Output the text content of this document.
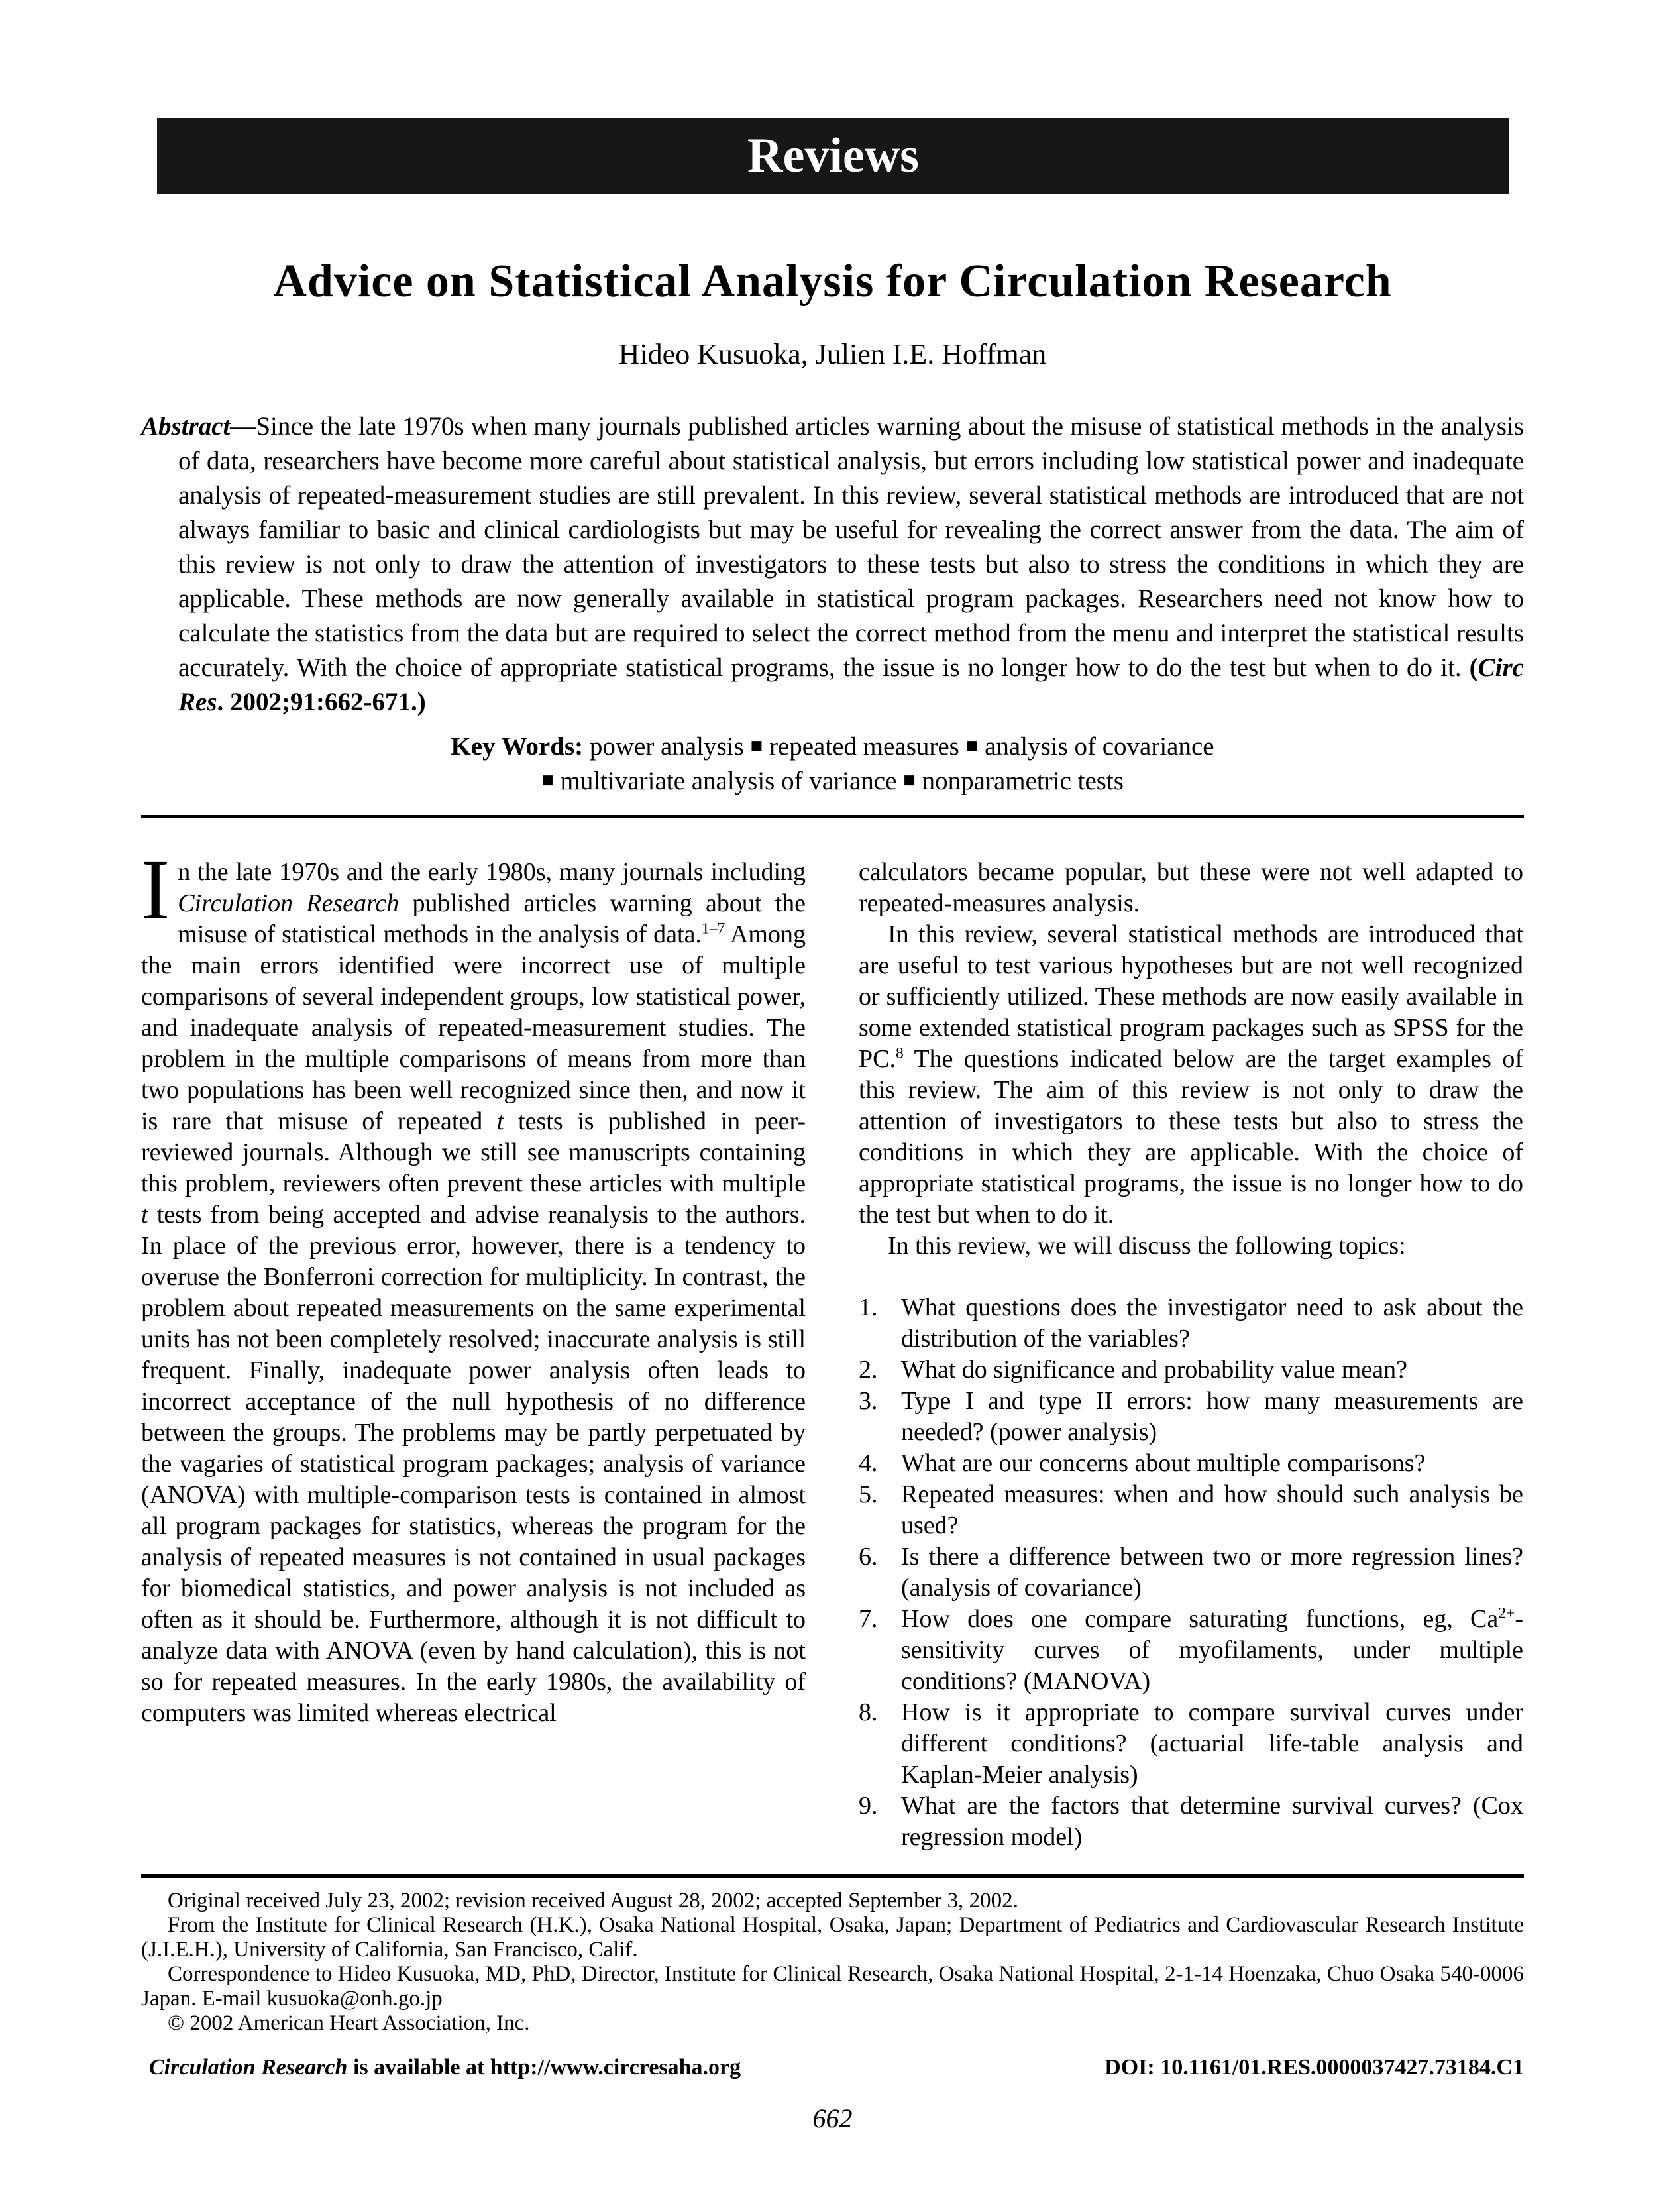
Reviews
Advice on Statistical Analysis for Circulation Research
Hideo Kusuoka, Julien I.E. Hoffman
Abstract—Since the late 1970s when many journals published articles warning about the misuse of statistical methods in the analysis of data, researchers have become more careful about statistical analysis, but errors including low statistical power and inadequate analysis of repeated-measurement studies are still prevalent. In this review, several statistical methods are introduced that are not always familiar to basic and clinical cardiologists but may be useful for revealing the correct answer from the data. The aim of this review is not only to draw the attention of investigators to these tests but also to stress the conditions in which they are applicable. These methods are now generally available in statistical program packages. Researchers need not know how to calculate the statistics from the data but are required to select the correct method from the menu and interpret the statistical results accurately. With the choice of appropriate statistical programs, the issue is no longer how to do the test but when to do it. (Circ Res. 2002;91:662-671.)
Key Words: power analysis ■ repeated measures ■ analysis of covariance
■ multivariate analysis of variance ■ nonparametric tests

In the late 1970s and the early 1980s, many journals including Circulation Research published articles warning about the misuse of statistical methods in the analysis of data.$^{1-7}$ Among the main errors identified were incorrect use of multiple comparisons of several independent groups, low statistical power, and inadequate analysis of repeated-measurement studies. The problem in the multiple comparisons of means from more than two populations has been well recognized since then, and now it is rare that misuse of repeated t tests is published in peer-reviewed journals. Although we still see manuscripts containing this problem, reviewers often prevent these articles with multiple t tests from being accepted and advise reanalysis to the authors. In place of the previous error, however, there is a tendency to overuse the Bonferroni correction for multiplicity. In contrast, the problem about repeated measurements on the same experimental units has not been completely resolved; inaccurate analysis is still frequent. Finally, inadequate power analysis often leads to incorrect acceptance of the null hypothesis of no difference between the groups. The problems may be partly perpetuated by the vagaries of statistical program packages; analysis of variance (ANOVA) with multiple-comparison tests is contained in almost all program packages for statistics, whereas the program for the analysis of repeated measures is not contained in usual packages for biomedical statistics, and power analysis is not included as often as it should be. Furthermore, although it is not difficult to analyze data with ANOVA (even by hand calculation), this is not so for repeated measures. In the early 1980s, the availability of computers was limited whereas electrical

calculators became popular, but these were not well adapted to repeated-measures analysis.

In this review, several statistical methods are introduced that are useful to test various hypotheses but are not well recognized or sufficiently utilized. These methods are now easily available in some extended statistical program packages such as SPSS for the PC.$^8$ The questions indicated below are the target examples of this review. The aim of this review is not only to draw the attention of investigators to these tests but also to stress the conditions in which they are applicable. With the choice of appropriate statistical programs, the issue is no longer how to do the test but when to do it.

In this review, we will discuss the following topics:

1. What questions does the investigator need to ask about the distribution of the variables?
2. What do significance and probability value mean?
3. Type I and type II errors: how many measurements are needed? (power analysis)
4. What are our concerns about multiple comparisons?
5. Repeated measures: when and how should such analysis be used?
6. Is there a difference between two or more regression lines? (analysis of covariance)
7. How does one compare saturating functions, eg, $Ca^{2+}$-sensitivity curves of myofilaments, under multiple conditions? (MANOVA)
8. How is it appropriate to compare survival curves under different conditions? (actuarial life-table analysis and Kaplan-Meier analysis)
9. What are the factors that determine survival curves? (Cox regression model)

Original received July 23, 2002; revision received August 28, 2002; accepted September 3, 2002.

From the Institute for Clinical Research (H.K.), Osaka National Hospital, Osaka, Japan; Department of Pediatrics and Cardiovascular Research Institute (J.I.E.H.), University of California, San Francisco, Calif.

Correspondence to Hideo Kusuoka, MD, PhD, Director, Institute for Clinical Research, Osaka National Hospital, 2-1-14 Hoenzaka, Chuo Osaka 540-0006 Japan. E-mail kusuoka@onh.go.jp

© 2002 American Heart Association, Inc.

Circulation Research is available at http://www.circresaha.org	DOI: 10.1161/01.RES.0000037427.73184.C1
662
